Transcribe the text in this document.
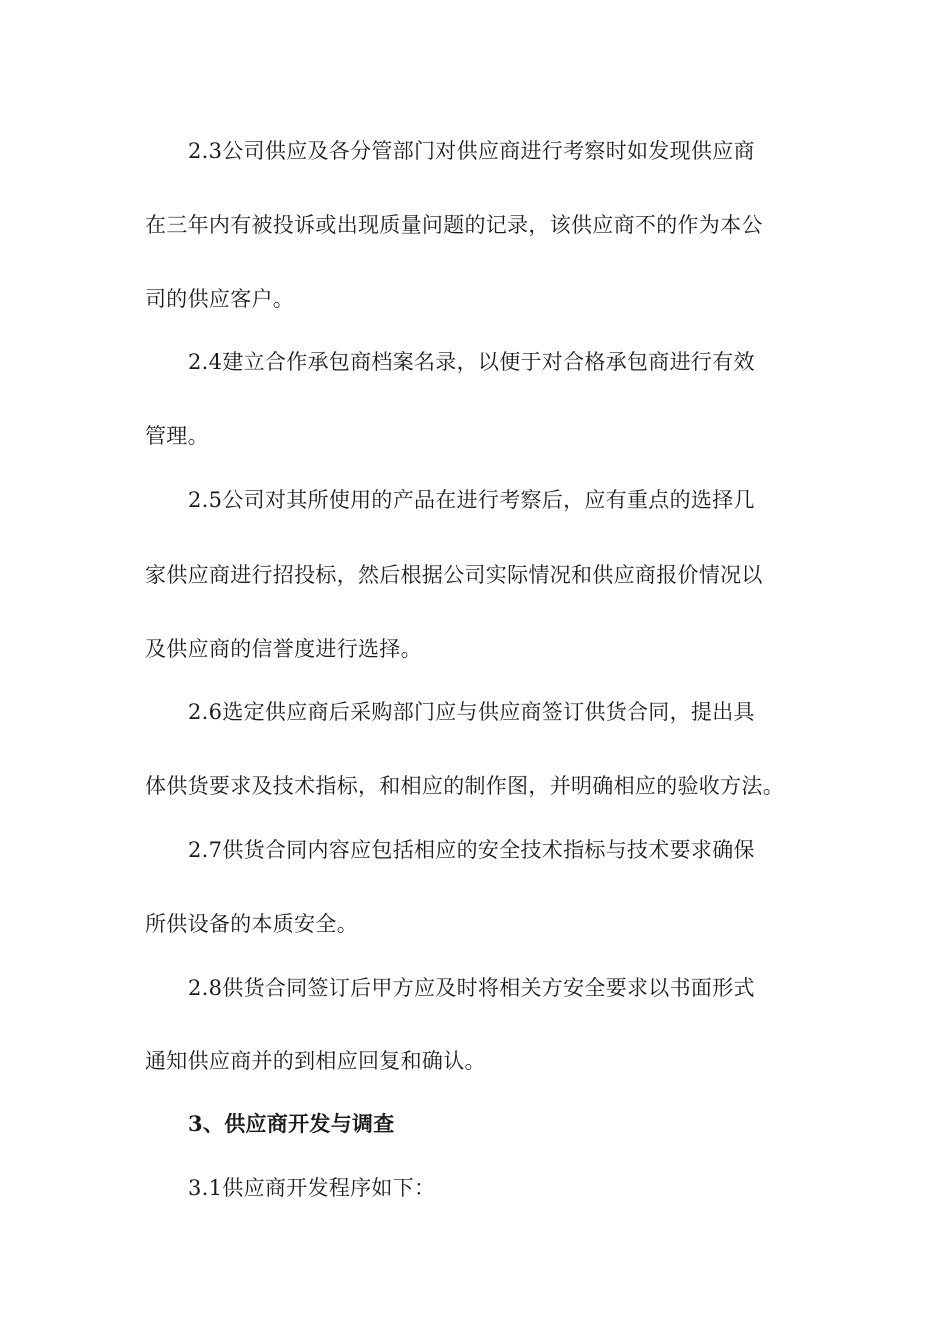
2.3公司供应及各分管部门对供应商进行考察时如发现供应商
在三年内有被投诉或出现质量问题的记录，该供应商不的作为本公
司的供应客户。
2.4建立合作承包商档案名录，以便于对合格承包商进行有效
管理。
2.5公司对其所使用的产品在进行考察后，应有重点的选择几
家供应商进行招投标，然后根据公司实际情况和供应商报价情况以
及供应商的信誉度进行选择。
2.6选定供应商后采购部门应与供应商签订供货合同，提出具
体供货要求及技术指标，和相应的制作图，并明确相应的验收方法。
2.7供货合同内容应包括相应的安全技术指标与技术要求确保
所供设备的本质安全。
2.8供货合同签订后甲方应及时将相关方安全要求以书面形式
通知供应商并的到相应回复和确认。
3、供应商开发与调查
3.1供应商开发程序如下：
